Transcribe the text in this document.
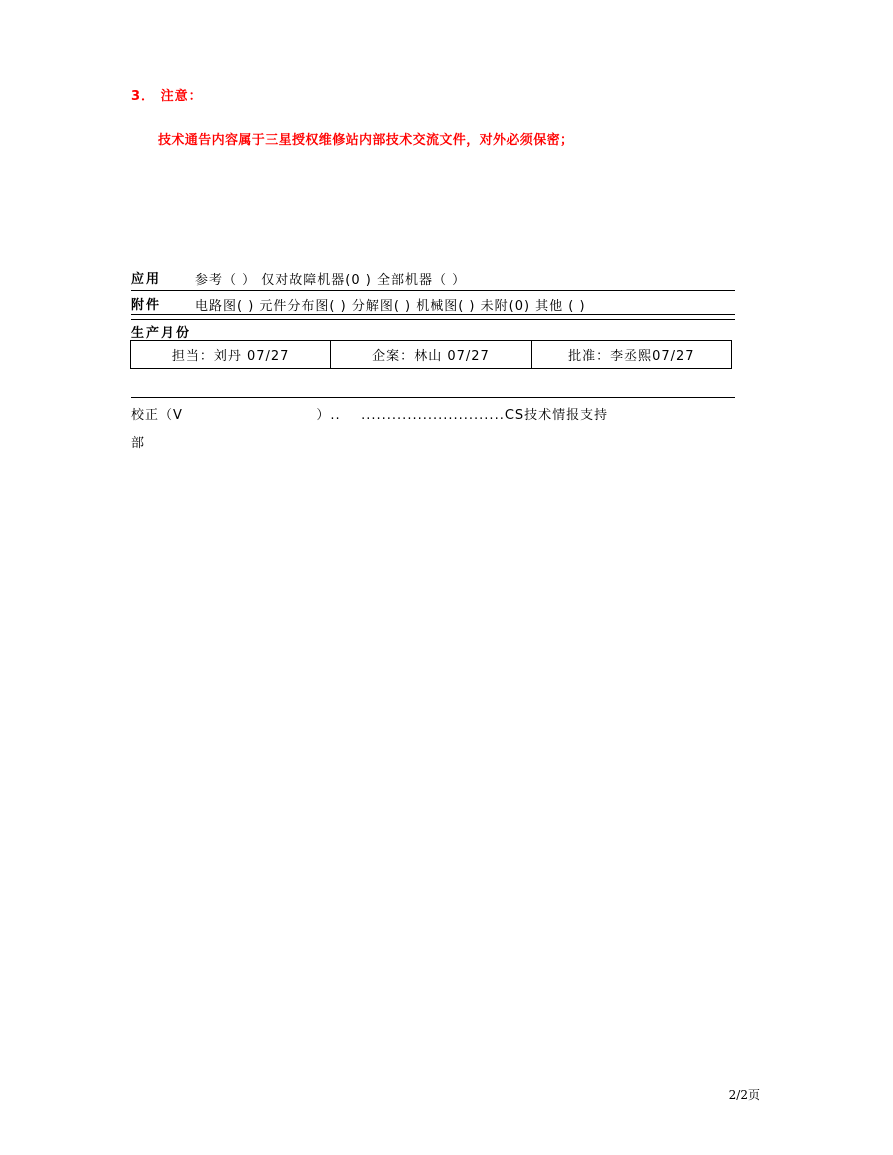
3． 注意：
技术通告内容属于三星授权维修站内部技术交流文件，对外必须保密；
应用	参考（ ） 仅对故障机器(0 ) 全部机器（ ）
附件	电路图( ) 元件分布图( ) 分解图( ) 机械图( ) 未附(0) 其他 ( )
生产月份
担当： 刘丹 07/27	企案： 林山 07/27	批准： 李丞熙07/27
校正（V                          ）..    ............................CS技术情报支持
部
2/2页
